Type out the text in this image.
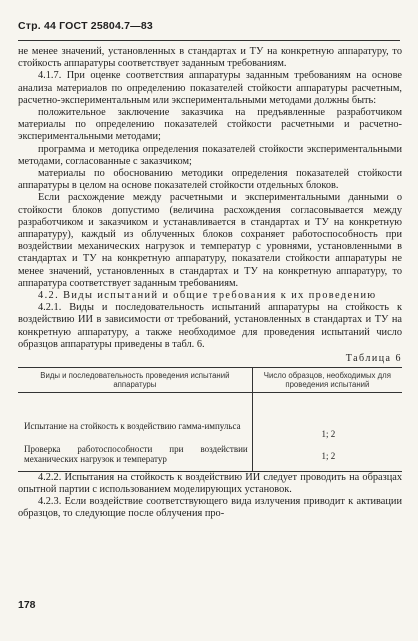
Стр. 44 ГОСТ 25804.7—83

не менее значений, установленных в стандартах и ТУ на конкретную аппаратуру, то стойкость аппаратуры соответствует заданным требованиям.

4.1.7. При оценке соответствия аппаратуры заданным требованиям на основе анализа материалов по определению показателей стойкости аппаратуры расчетным, расчетно-экспериментальным или экспериментальными методами должны быть:

положительное заключение заказчика на предъявленные разработчиком материалы по определению показателей стойкости расчетными и расчетно-экспериментальными методами;

программа и методика определения показателей стойкости экспериментальными методами, согласованные с заказчиком;

материалы по обоснованию методики определения показателей стойкости аппаратуры в целом на основе показателей стойкости отдельных блоков.

Если расхождение между расчетными и экспериментальными данными о стойкости блоков допустимо (величина расхождения согласовывается между разработчиком и заказчиком и устанавливается в стандартах и ТУ на конкретную аппаратуру), каждый из облученных блоков сохраняет работоспособность при воздействии механических нагрузок и температур с уровнями, установленными в стандартах и ТУ на конкретную аппаратуру, показатели стойкости аппаратуры не менее значений, установленных в стандартах и ТУ на конкретную аппаратуру, то аппаратура соответствует заданным требованиям.

4.2. Виды испытаний и общие требования к их проведению

4.2.1. Виды и последовательность испытаний аппаратуры на стойкость к воздействию ИИ в зависимости от требований, установленных в стандартах и ТУ на конкретную аппаратуру, а также необходимое для проведения испытаний число образцов аппаратуры приведены в табл. 6.

Таблица 6
Виды и последовательность проведения испытаний аппаратуры	Число образцов, необходимых для проведения испытаний
Испытание на стойкость к воздействию гамма-импульса	1; 2
Проверка работоспособности при воздействии механических нагрузок и температур	1; 2

4.2.2. Испытания на стойкость к воздействию ИИ следует проводить на образцах опытной партии с использованием моделирующих установок.

4.2.3. Если воздействие соответствующего вида излучения приводит к активации образцов, то следующие после облучения про-

178
